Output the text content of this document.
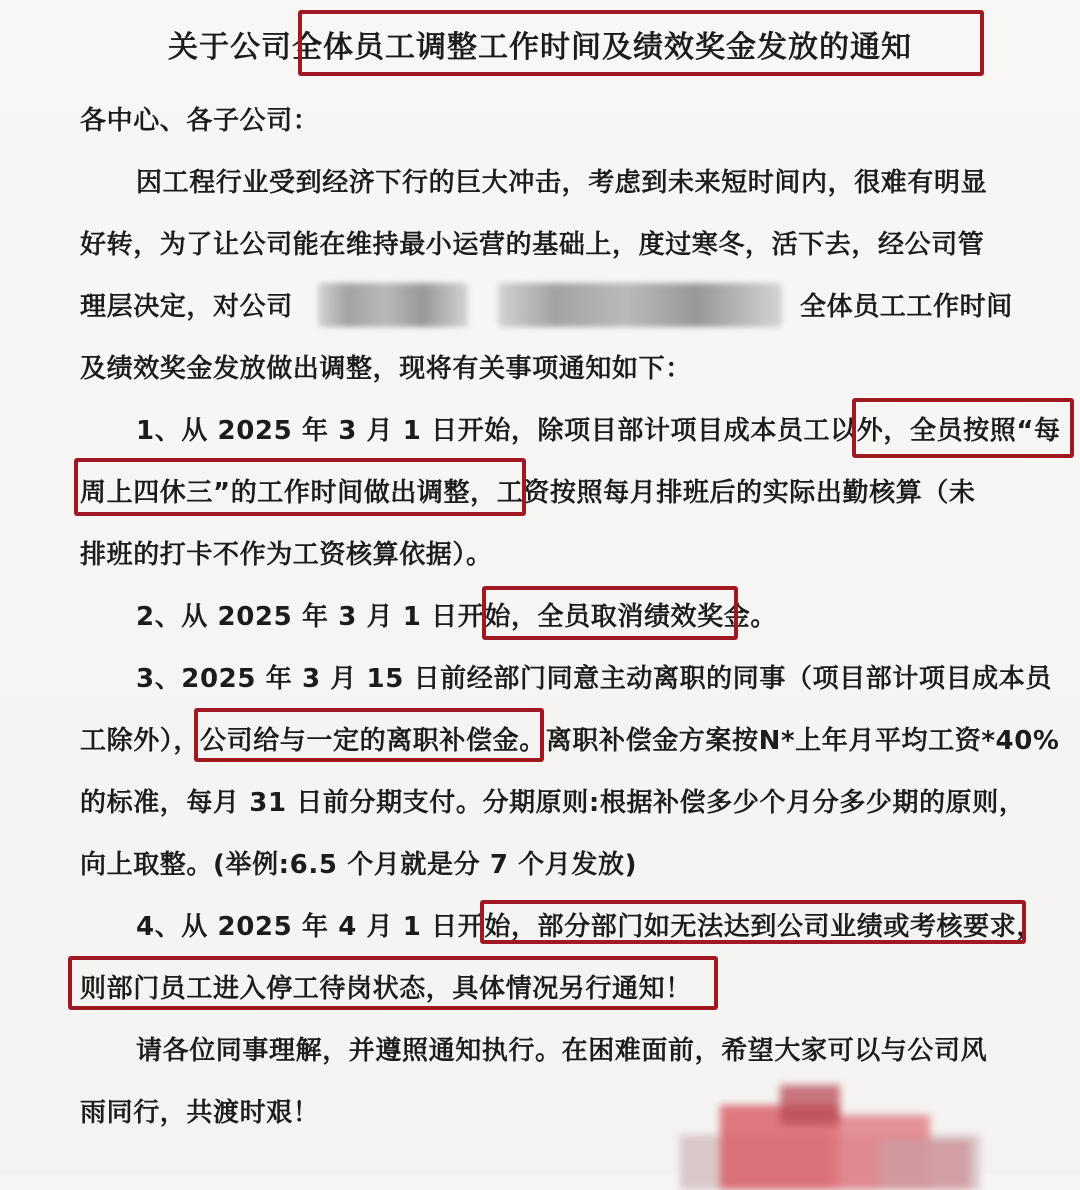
关于公司全体员工调整工作时间及绩效奖金发放的通知
各中心、各子公司：
因工程行业受到经济下行的巨大冲击，考虑到未来短时间内，很难有明显
好转，为了让公司能在维持最小运营的基础上，度过寒冬，活下去，经公司管
理层决定，对公司	全体员工工作时间
及绩效奖金发放做出调整，现将有关事项通知如下：
1、从 2025 年 3 月 1 日开始，除项目部计项目成本员工以外，全员按照“每
周上四休三”的工作时间做出调整，工资按照每月排班后的实际出勤核算（未
排班的打卡不作为工资核算依据）。
2、从 2025 年 3 月 1 日开始，全员取消绩效奖金。
3、2025 年 3 月 15 日前经部门同意主动离职的同事（项目部计项目成本员
工除外），公司给与一定的离职补偿金。离职补偿金方案按N*上年月平均工资*40%
的标准，每月 31 日前分期支付。分期原则:根据补偿多少个月分多少期的原则，
向上取整。(举例:6.5 个月就是分 7 个月发放)
4、从 2025 年 4 月 1 日开始，部分部门如无法达到公司业绩或考核要求，
则部门员工进入停工待岗状态，具体情况另行通知！
请各位同事理解，并遵照通知执行。在困难面前，希望大家可以与公司风
雨同行，共渡时艰！
